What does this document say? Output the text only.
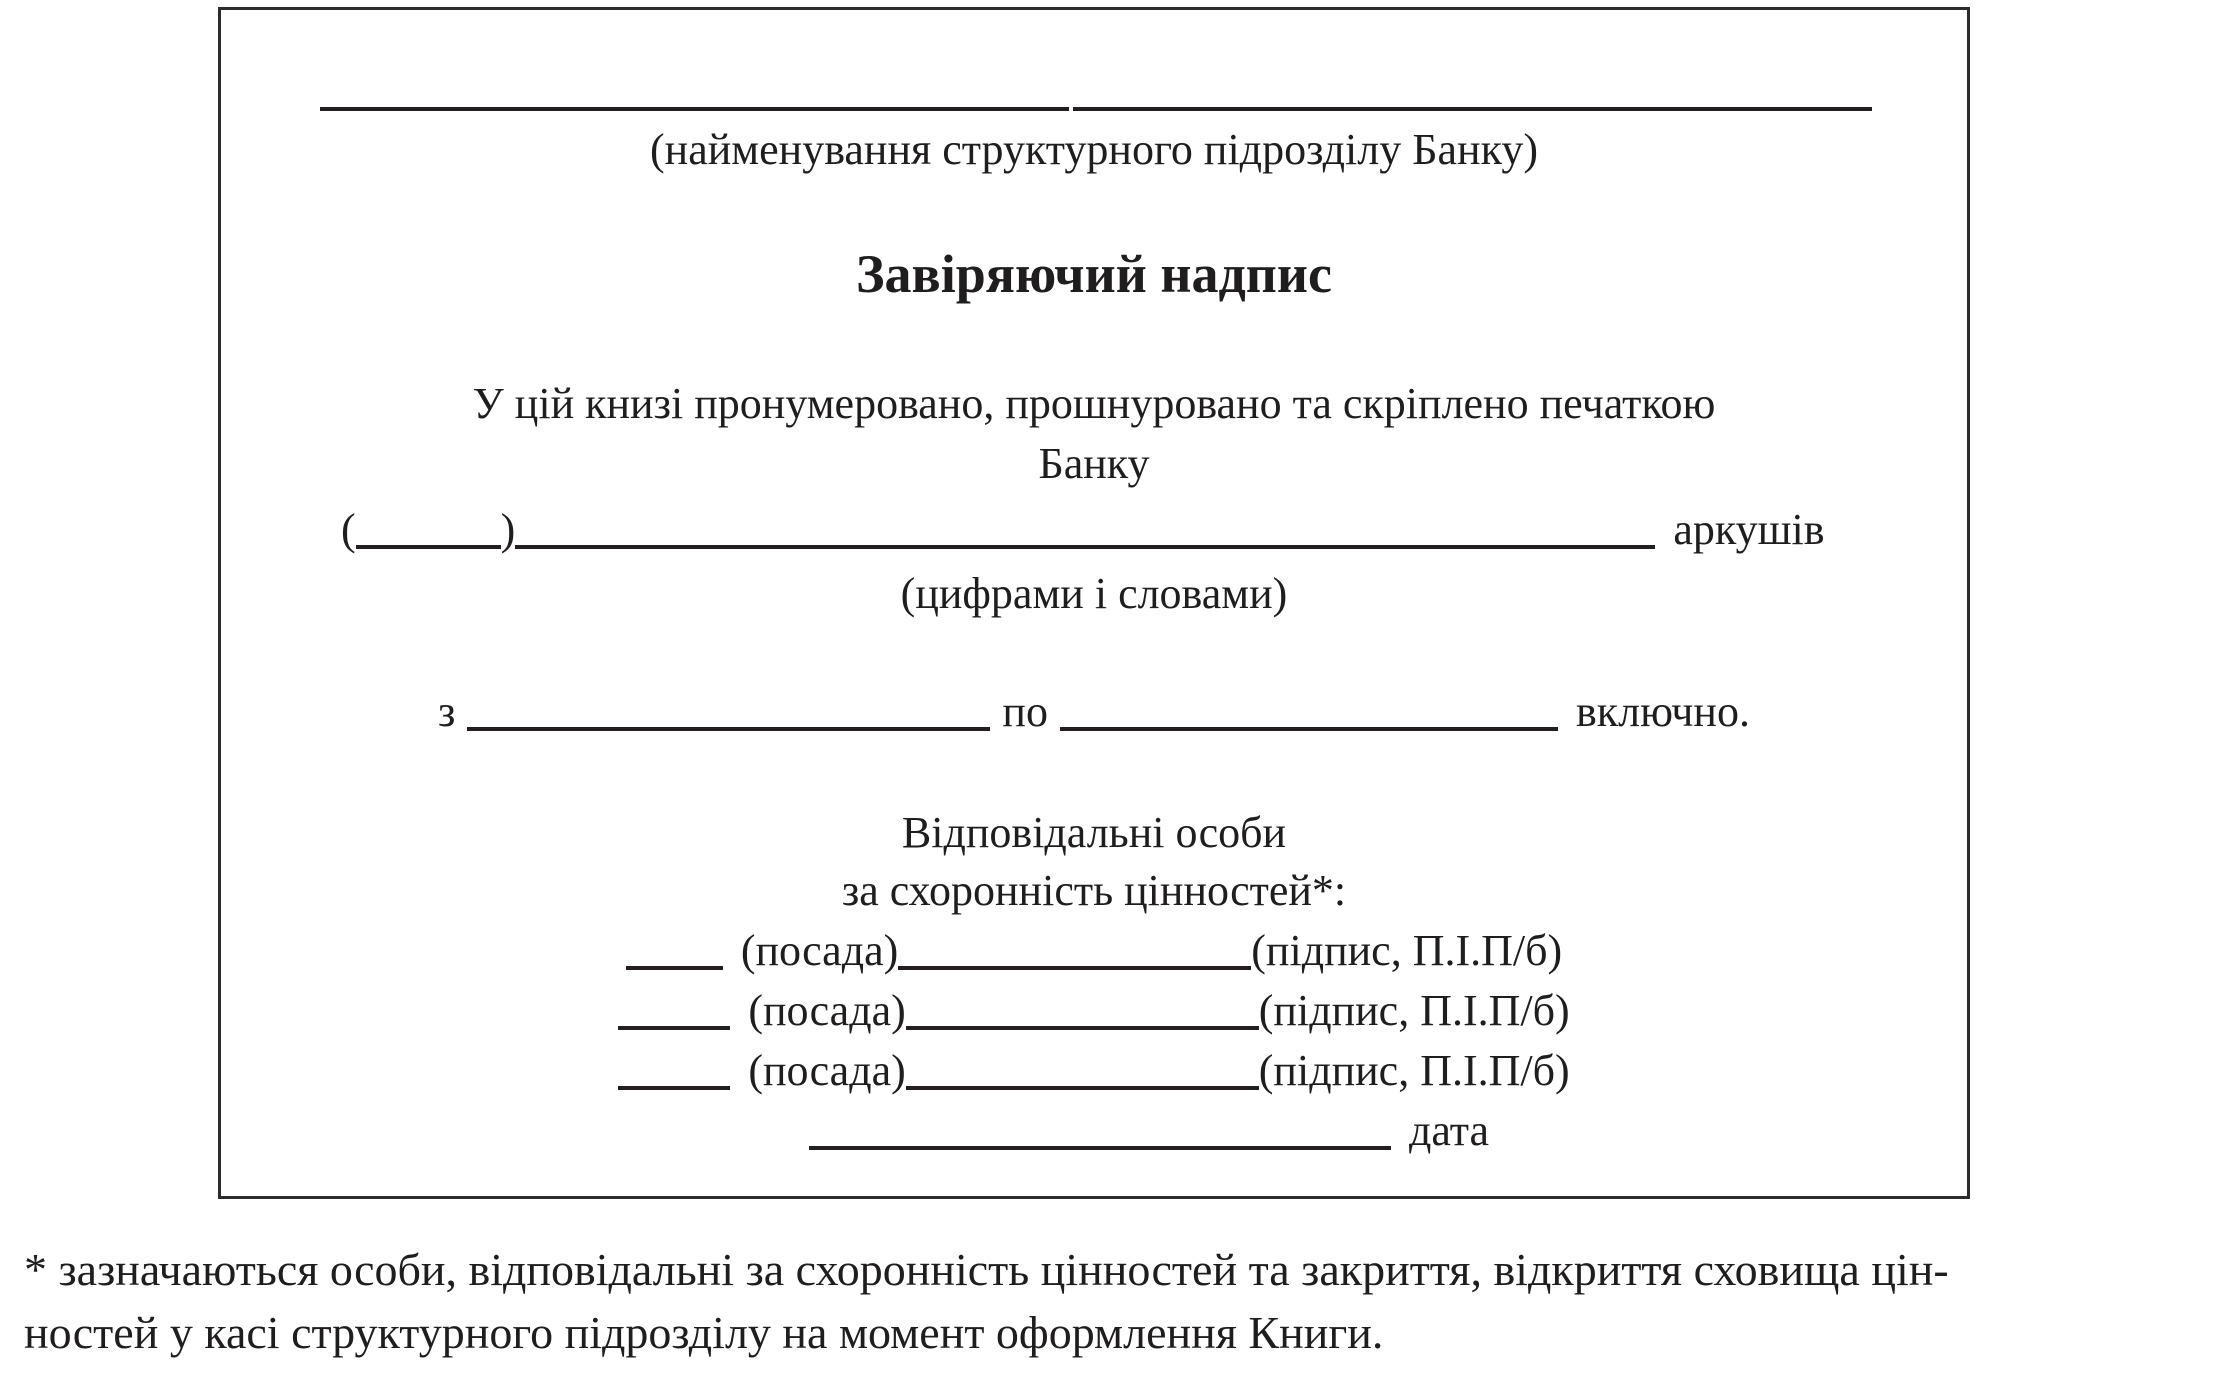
(найменування структурного підрозділу Банку)
Завіряючий надпис
У цій книзі пронумеровано, прошнуровано та скріплено печаткою
Банку
(	)	аркушів
(цифрами і словами)
з	по	включно.
Відповідальні особи
за схоронність цінностей*:
(посада)	(підпис, П.І.П/б)
(посада)	(підпис, П.І.П/б)
(посада)	(підпис, П.І.П/б)
дата
* зазначаються особи, відповідальні за схоронність цінностей та закриття, відкриття сховища цін-
ностей у касі структурного підрозділу на момент оформлення Книги.
